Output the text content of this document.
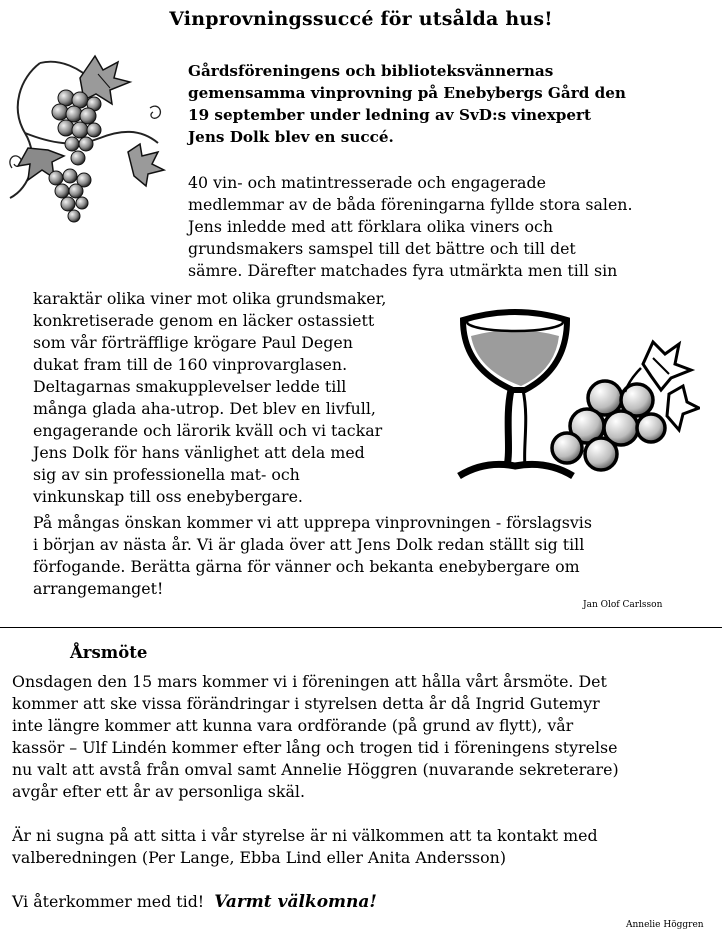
Vinprovningssuccé för utsålda hus!
Gårdsföreningens och biblioteksvännernas
gemensamma vinprovning på Enebybergs Gård den
19 september under ledning av SvD:s vinexpert
Jens Dolk blev en succé.
40 vin- och matintresserade och engagerade
medlemmar av de båda föreningarna fyllde stora salen.
Jens inledde med att förklara olika viners och
grundsmakers samspel till det bättre och till det
sämre. Därefter matchades fyra utmärkta men till sin
karaktär olika viner mot olika grundsmaker,
konkretiserade genom en läcker ostassiett
som vår förträfflige krögare Paul Degen
dukat fram till de 160 vinprovarglasen.
Deltagarnas smakupplevelser ledde till
många glada aha-utrop. Det blev en livfull,
engagerande och lärorik kväll och vi tackar
Jens Dolk för hans vänlighet att dela med
sig av sin professionella mat- och
vinkunskap till oss enebybergare.
På mångas önskan kommer vi att upprepa vinprovningen - förslagsvis
i början av nästa år. Vi är glada över att Jens Dolk redan ställt sig till
förfogande. Berätta gärna för vänner och bekanta enebybergare om
arrangemanget!
Jan Olof Carlsson
Årsmöte
Onsdagen den 15 mars kommer vi i föreningen att hålla vårt årsmöte. Det
kommer att ske vissa förändringar i styrelsen detta år då Ingrid Gutemyr
inte längre kommer att kunna vara ordförande (på grund av flytt), vår
kassör – Ulf Lindén kommer efter lång och trogen tid i föreningens styrelse
nu valt att avstå från omval samt Annelie Höggren (nuvarande sekreterare)
avgår efter ett år av personliga skäl.
Är ni sugna på att sitta i vår styrelse är ni välkommen att ta kontakt med
valberedningen (Per Lange, Ebba Lind eller Anita Andersson)
Vi återkommer med tid! Varmt välkomna!
Annelie Höggren
